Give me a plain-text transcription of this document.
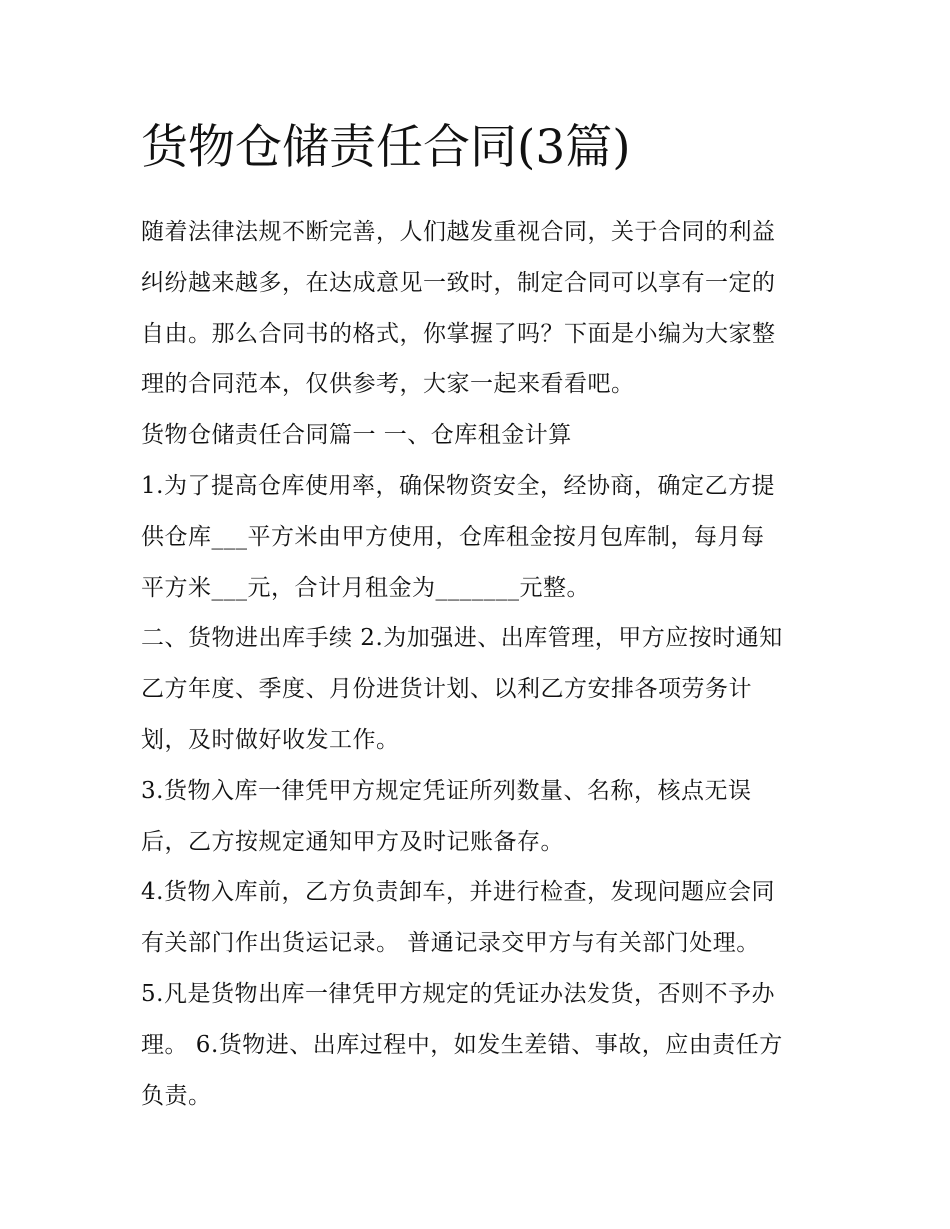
货物仓储责任合同(3篇)
随着法律法规不断完善，人们越发重视合同，关于合同的利益
纠纷越来越多，在达成意见一致时，制定合同可以享有一定的
自由。那么合同书的格式，你掌握了吗？下面是小编为大家整
理的合同范本，仅供参考，大家一起来看看吧。
货物仓储责任合同篇一 一、仓库租金计算
1.为了提高仓库使用率，确保物资安全，经协商，确定乙方提
供仓库___平方米由甲方使用，仓库租金按月包库制，每月每
平方米___元，合计月租金为_______元整。
二、货物进出库手续 2.为加强进、出库管理，甲方应按时通知
乙方年度、季度、月份进货计划、以利乙方安排各项劳务计
划，及时做好收发工作。
3.货物入库一律凭甲方规定凭证所列数量、名称，核点无误
后，乙方按规定通知甲方及时记账备存。
4.货物入库前，乙方负责卸车，并进行检查，发现问题应会同
有关部门作出货运记录。 普通记录交甲方与有关部门处理。
5.凡是货物出库一律凭甲方规定的凭证办法发货，否则不予办
理。 6.货物进、出库过程中，如发生差错、事故，应由责任方
负责。
